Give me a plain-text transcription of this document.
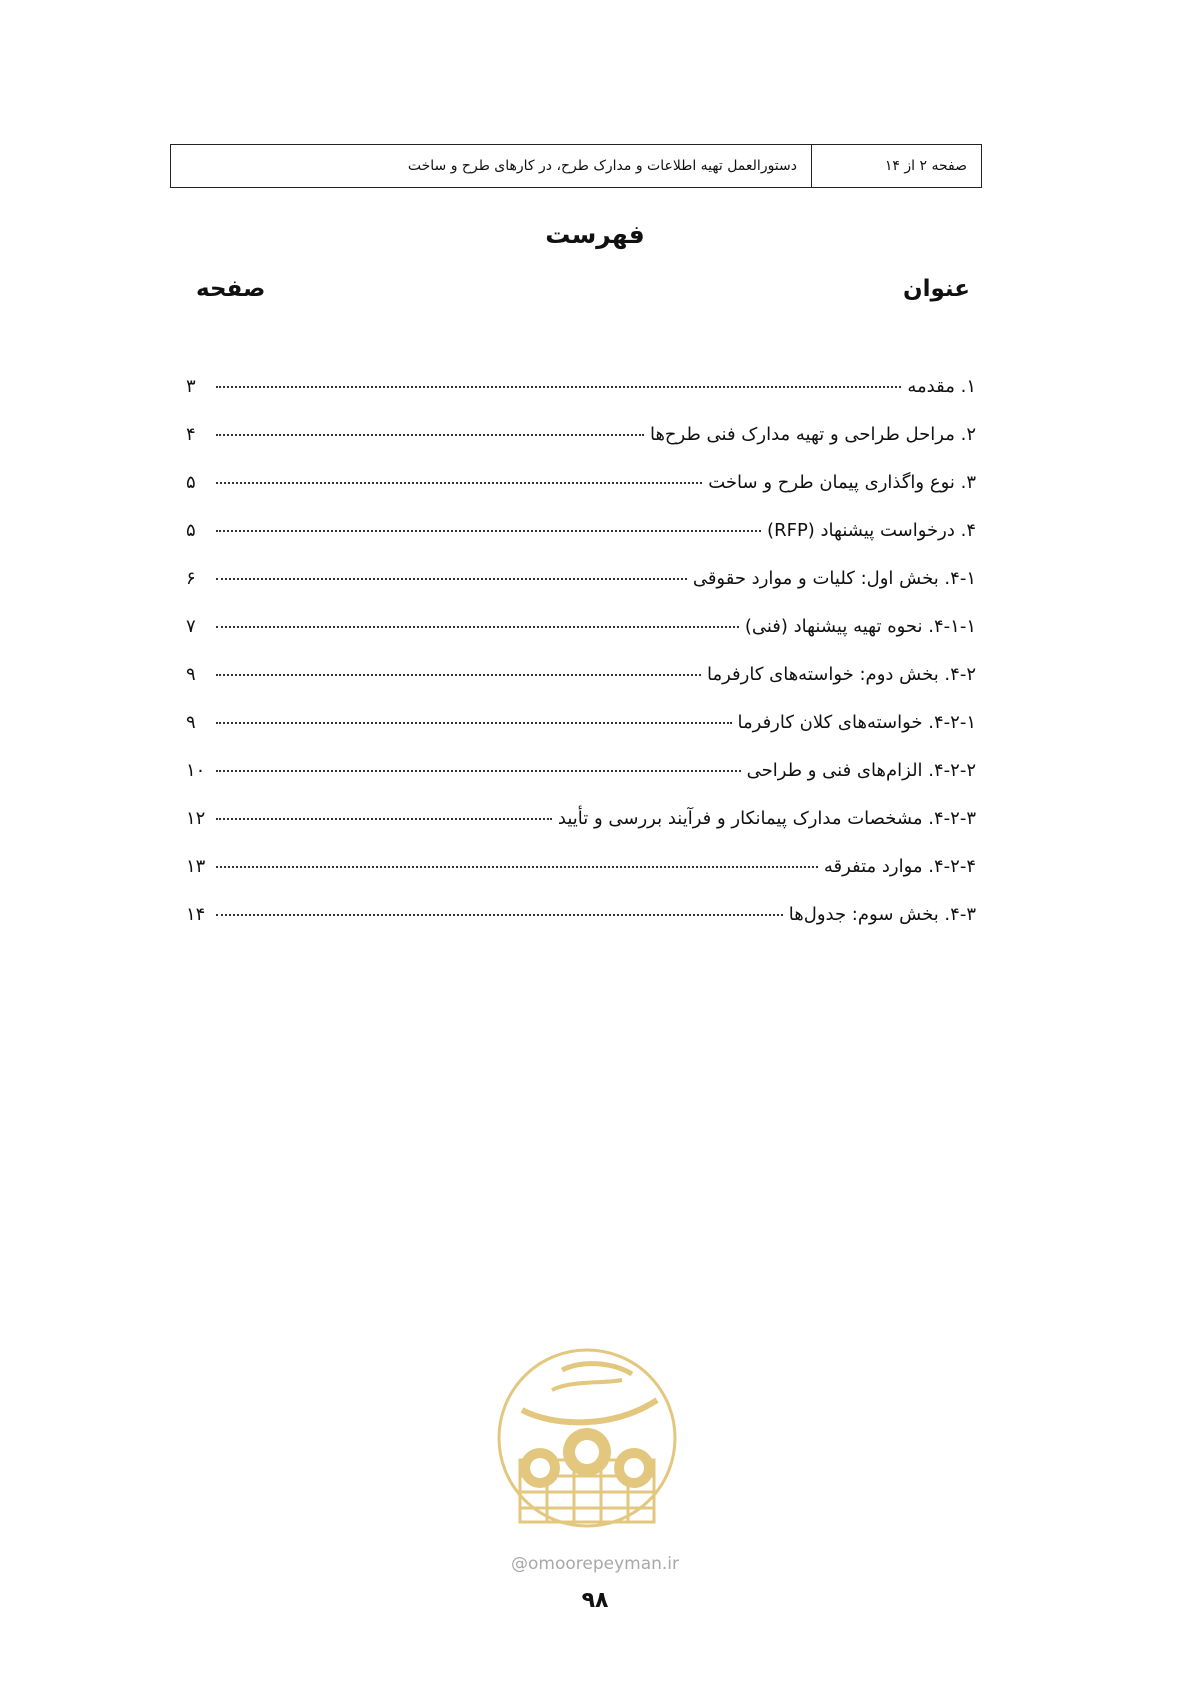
صفحه ۲ از ۱۴
دستورالعمل تهیه اطلاعات و مدارک طرح، در کارهای طرح و ساخت
فهرست
عنوان
صفحه
۱. مقدمه
۳
۲. مراحل طراحی و تهیه مدارک فنی طرح‌ها
۴
۳. نوع واگذاری پیمان طرح و ساخت
۵
۴. درخواست پیشنهاد (RFP)
۵
۴-۱. بخش اول: کلیات و موارد حقوقی
۶
۴-۱-۱. نحوه تهیه پیشنهاد (فنی)
۷
۴-۲. بخش دوم: خواسته‌های کارفرما
۹
۴-۲-۱. خواسته‌های کلان کارفرما
۹
۴-۲-۲. الزام‌های فنی و طراحی
۱۰
۴-۲-۳. مشخصات مدارک پیمانکار و فرآیند بررسی و تأیید
۱۲
۴-۲-۴. موارد متفرقه
۱۳
۴-۳. بخش سوم: جدول‌ها
۱۴
@omoorepeyman.ir
۹۸
